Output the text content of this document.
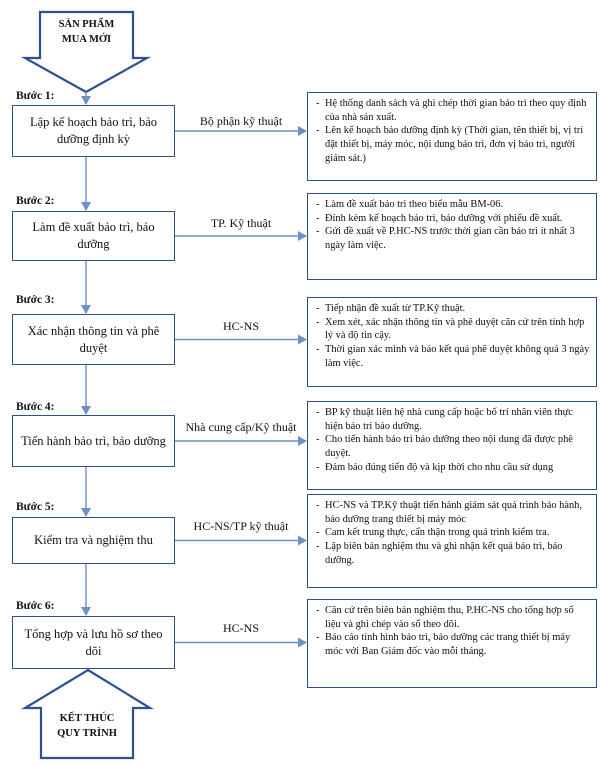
SẢN PHẨM
MUA MỚI
KẾT THÚC
QUY TRÌNH
Bước 1:
Lập kế hoạch bảo trì, bảo dưỡng định kỳ
Bộ phận kỹ thuật
- Hệ thống danh sách và ghi chép thời gian bảo trì theo quy định của nhà sản xuất.
- Lên kế hoạch bảo dưỡng định kỳ (Thời gian, tên thiết bị, vị trí đặt thiết bị, máy móc, nội dung bảo trì, đơn vị bảo trì, người giám sát.)
Bước 2:
Làm đề xuất bảo trì, bảo dưỡng
TP. Kỹ thuật
- Làm đề xuất bảo trì theo biểu mẫu BM-06.
- Đính kèm kế hoạch bảo trì, bảo dưỡng với phiếu đề xuất.
- Gửi đề xuất về P.HC-NS trước thời gian cần bảo trì ít nhất 3 ngày làm việc.
Bước 3:
Xác nhận thông tin và phê duyệt
HC-NS
- Tiếp nhận đề xuất từ TP.Kỹ thuật.
- Xem xét, xác nhận thông tin và phê duyệt căn cứ trên tính hợp lý và độ tin cậy.
- Thời gian xác minh và báo kết quả phê duyệt không quá 3 ngày làm việc.
Bước 4:
Tiến hành bảo trì, bảo dưỡng
Nhà cung cấp/Kỹ thuật
- BP kỹ thuật liên hệ nhà cung cấp hoặc bố trí nhân viên thực hiện bảo trì bảo dưỡng.
- Cho tiến hành bảo trì bảo dưỡng theo nội dung đã được phê duyệt.
- Đảm bảo đúng tiến độ và kịp thời cho nhu cầu sử dụng
Bước 5:
Kiểm tra và nghiệm thu
HC-NS/TP kỹ thuật
- HC-NS và TP.Kỹ thuật tiến hành giám sát quá trình bảo hành, bảo dưỡng trang thiết bị máy móc
- Cam kết trung thực, cẩn thận trong quá trình kiểm tra.
- Lập biên bản nghiệm thu và ghi nhận kết quả bảo trì, bảo dưỡng.
Bước 6:
Tổng hợp và lưu hồ sơ theo dõi
HC-NS
- Căn cứ trên biên bản nghiệm thu, P.HC-NS cho tổng hợp số liệu và ghi chép vào sổ theo dõi.
- Báo cáo tình hình bảo trì, bảo dưỡng các trang thiết bị máy móc với Ban Giám đốc vào mỗi tháng.
